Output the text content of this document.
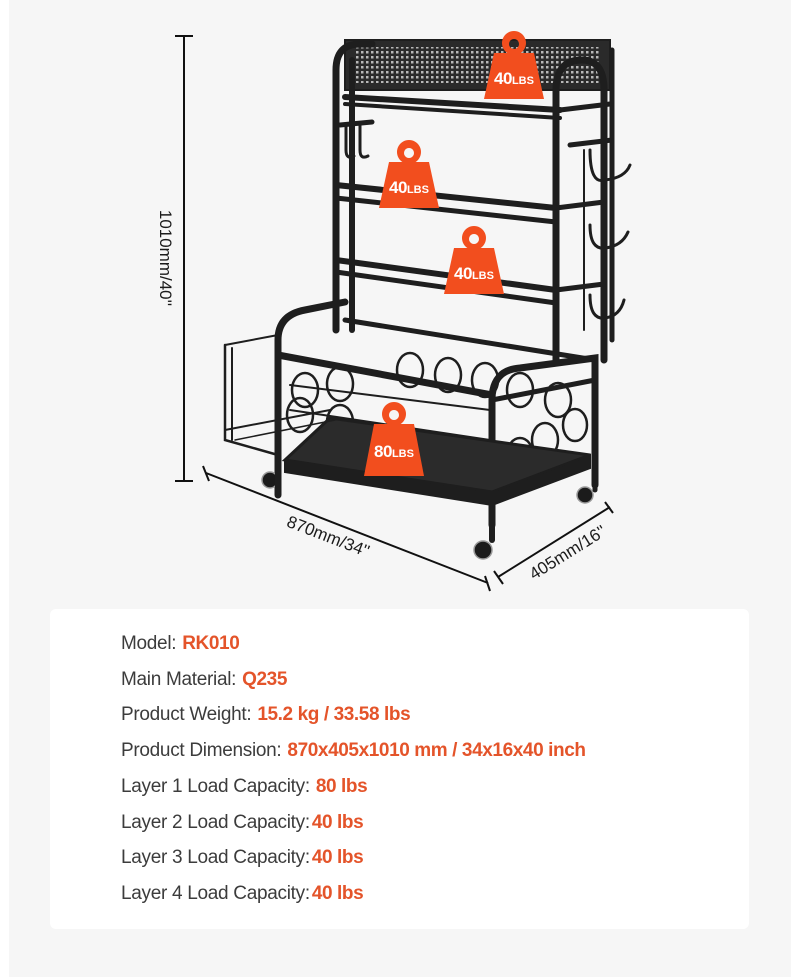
1010mm/40''
870mm/34''	405mm/16''
40LBS
40LBS
40LBS
80LBS
Model: RK010
Main Material: Q235
Product Weight: 15.2 kg / 33.58 lbs
Product Dimension: 870x405x1010 mm / 34x16x40 inch
Layer 1 Load Capacity: 80 lbs
Layer 2 Load Capacity: 40 lbs
Layer 3 Load Capacity: 40 lbs
Layer 4 Load Capacity: 40 lbs
